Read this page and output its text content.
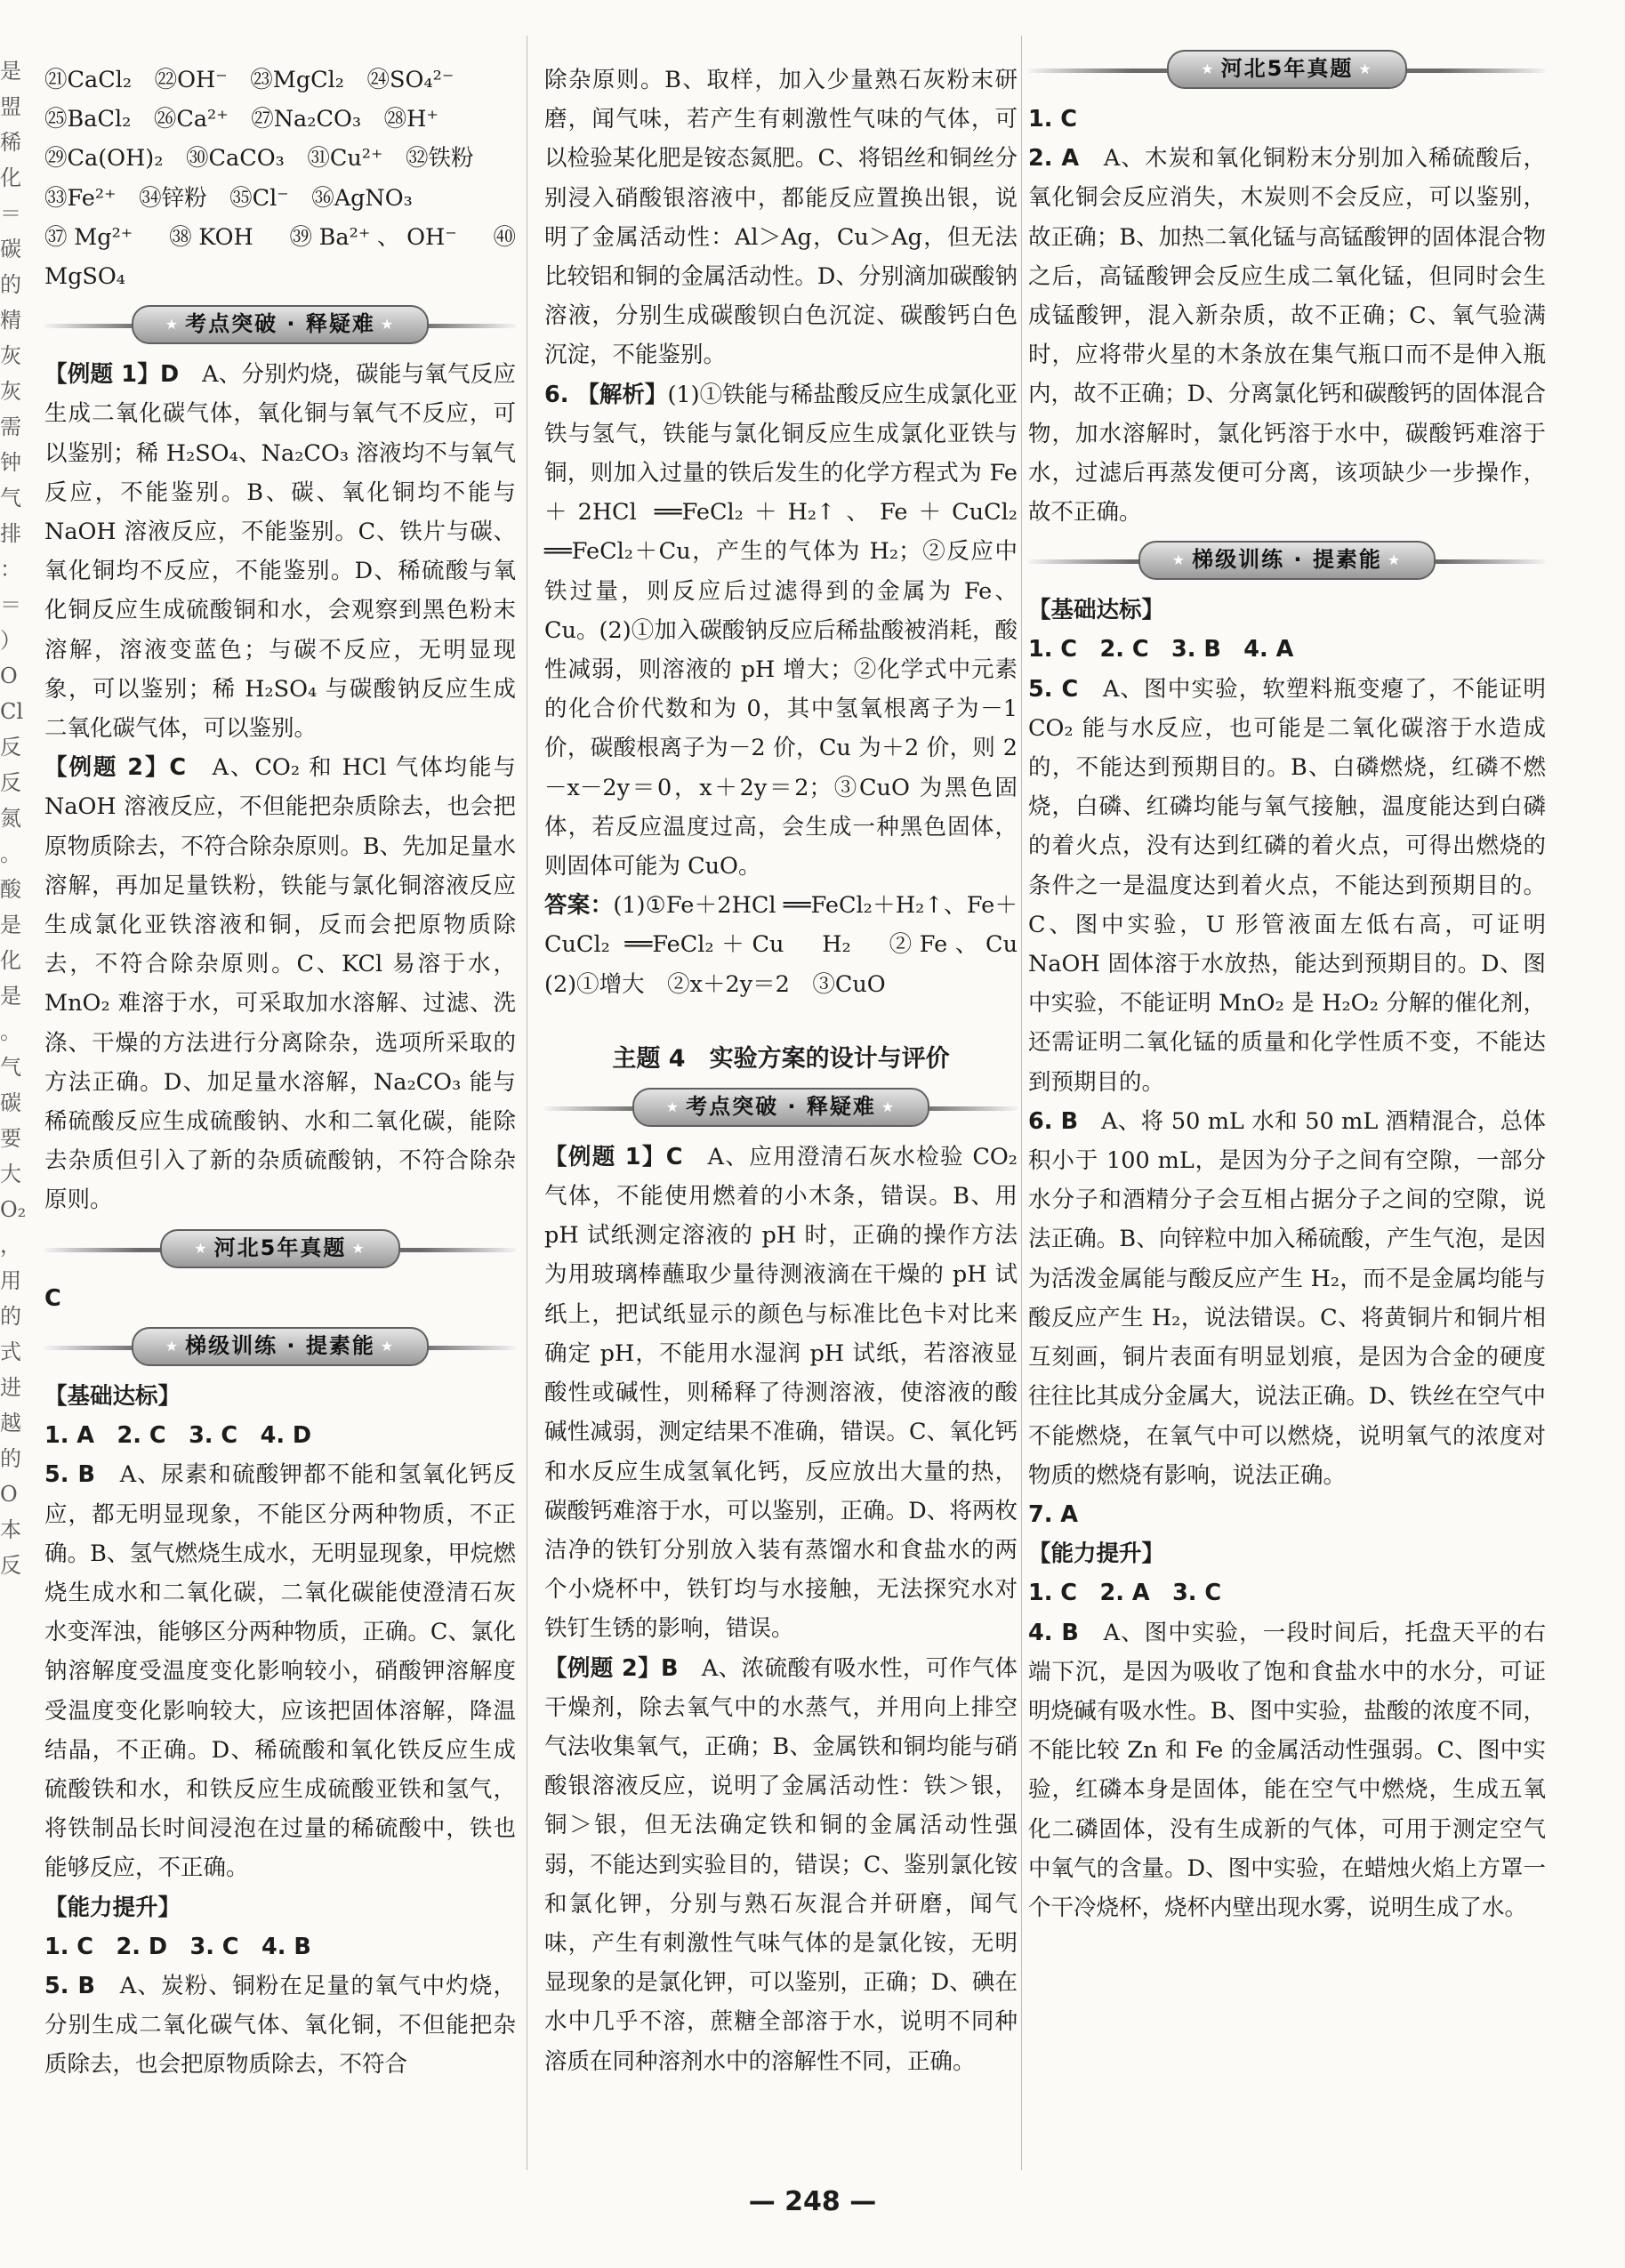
是
盟
稀
化
＝
碳
的
精
灰
灰
需
钟
气
排
：
＝
）
O
Cl
反
反
氮
。
酸
是
化
是
。
气
碳
要
大
O₂
，
用
的
式
进
越
的
O
本
反

㉑CaCl₂　㉒OH⁻　㉓MgCl₂　㉔SO₄²⁻

㉕BaCl₂　㉖Ca²⁺　㉗Na₂CO₃　㉘H⁺

㉙Ca(OH)₂　㉚CaCO₃　㉛Cu²⁺　㉜铁粉

㉝Fe²⁺　㉞锌粉　㉟Cl⁻　㊱AgNO₃

㊲Mg²⁺　㊳KOH　㊴Ba²⁺、OH⁻　㊵MgSO₄

★ 考点突破 · 释疑难 ★

【例题 1】D　 A、分别灼烧，碳能与氧气反应生成二氧化碳气体，氧化铜与氧气不反应，可以鉴别；稀 H₂SO₄、Na₂CO₃ 溶液均不与氧气反应，不能鉴别。B、碳、氧化铜均不能与 NaOH 溶液反应，不能鉴别。C、铁片与碳、氧化铜均不反应，不能鉴别。D、稀硫酸与氧化铜反应生成硫酸铜和水，会观察到黑色粉末溶解，溶液变蓝色；与碳不反应，无明显现象，可以鉴别；稀 H₂SO₄ 与碳酸钠反应生成二氧化碳气体，可以鉴别。

【例题 2】C　 A、CO₂ 和 HCl 气体均能与 NaOH 溶液反应，不但能把杂质除去，也会把原物质除去，不符合除杂原则。B、先加足量水溶解，再加足量铁粉，铁能与氯化铜溶液反应生成氯化亚铁溶液和铜，反而会把原物质除去，不符合除杂原则。C、KCl 易溶于水，MnO₂ 难溶于水，可采取加水溶解、过滤、洗涤、干燥的方法进行分离除杂，选项所采取的方法正确。D、加足量水溶解，Na₂CO₃ 能与稀硫酸反应生成硫酸钠、水和二氧化碳，能除去杂质但引入了新的杂质硫酸钠，不符合除杂原则。

★ 河北5年真题 ★

C

★ 梯级训练 · 提素能 ★

【基础达标】

1. A　2. C　3. C　4. D

5. B　 A、尿素和硫酸钾都不能和氢氧化钙反应，都无明显现象，不能区分两种物质，不正确。B、氢气燃烧生成水，无明显现象，甲烷燃烧生成水和二氧化碳，二氧化碳能使澄清石灰水变浑浊，能够区分两种物质，正确。C、氯化钠溶解度受温度变化影响较小，硝酸钾溶解度受温度变化影响较大，应该把固体溶解，降温结晶，不正确。D、稀硫酸和氧化铁反应生成硫酸铁和水，和铁反应生成硫酸亚铁和氢气，将铁制品长时间浸泡在过量的稀硫酸中，铁也能够反应，不正确。

【能力提升】

1. C　2. D　3. C　4. B

5. B　 A、炭粉、铜粉在足量的氧气中灼烧，分别生成二氧化碳气体、氧化铜，不但能把杂质除去，也会把原物质除去，不符合

除杂原则。B、取样，加入少量熟石灰粉末研磨，闻气味，若产生有刺激性气味的气体，可以检验某化肥是铵态氮肥。C、将铝丝和铜丝分别浸入硝酸银溶液中，都能反应置换出银，说明了金属活动性：Al＞Ag，Cu＞Ag，但无法比较铝和铜的金属活动性。D、分别滴加碳酸钠溶液，分别生成碳酸钡白色沉淀、碳酸钙白色沉淀，不能鉴别。

6. 【解析】(1)①铁能与稀盐酸反应生成氯化亚铁与氢气，铁能与氯化铜反应生成氯化亚铁与铜，则加入过量的铁后发生的化学方程式为 Fe＋2HCl ══FeCl₂＋H₂↑、Fe＋CuCl₂ ══FeCl₂＋Cu，产生的气体为 H₂；②反应中铁过量，则反应后过滤得到的金属为 Fe、Cu。(2)①加入碳酸钠反应后稀盐酸被消耗，酸性减弱，则溶液的 pH 增大；②化学式中元素的化合价代数和为 0，其中氢氧根离子为－1 价，碳酸根离子为－2 价，Cu 为＋2 价，则 2－x－2y＝0，x＋2y＝2；③CuO 为黑色固体，若反应温度过高，会生成一种黑色固体，则固体可能为 CuO。

答案：(1)①Fe＋2HCl ══FeCl₂＋H₂↑、Fe＋CuCl₂ ══FeCl₂＋Cu　H₂　②Fe、Cu　(2)①增大　②x＋2y＝2　③CuO

主题 4　实验方案的设计与评价

★ 考点突破 · 释疑难 ★

【例题 1】C　 A、应用澄清石灰水检验 CO₂ 气体，不能使用燃着的小木条，错误。B、用pH 试纸测定溶液的 pH 时，正确的操作方法为用玻璃棒蘸取少量待测液滴在干燥的 pH 试纸上，把试纸显示的颜色与标准比色卡对比来确定 pH，不能用水湿润 pH 试纸，若溶液显酸性或碱性，则稀释了待测溶液，使溶液的酸碱性减弱，测定结果不准确，错误。C、氧化钙和水反应生成氢氧化钙，反应放出大量的热，碳酸钙难溶于水，可以鉴别，正确。D、将两枚洁净的铁钉分别放入装有蒸馏水和食盐水的两个小烧杯中，铁钉均与水接触，无法探究水对铁钉生锈的影响，错误。

【例题 2】B　 A、浓硫酸有吸水性，可作气体干燥剂，除去氧气中的水蒸气，并用向上排空气法收集氧气，正确；B、金属铁和铜均能与硝酸银溶液反应，说明了金属活动性：铁＞银，铜＞银，但无法确定铁和铜的金属活动性强弱，不能达到实验目的，错误；C、鉴别氯化铵和氯化钾，分别与熟石灰混合并研磨，闻气味，产生有刺激性气味气体的是氯化铵，无明显现象的是氯化钾，可以鉴别，正确；D、碘在水中几乎不溶，蔗糖全部溶于水，说明不同种溶质在同种溶剂水中的溶解性不同，正确。

★ 河北5年真题 ★

1. C

2. A　 A、木炭和氧化铜粉末分别加入稀硫酸后，氧化铜会反应消失，木炭则不会反应，可以鉴别，故正确；B、加热二氧化锰与高锰酸钾的固体混合物之后，高锰酸钾会反应生成二氧化锰，但同时会生成锰酸钾，混入新杂质，故不正确；C、氧气验满时，应将带火星的木条放在集气瓶口而不是伸入瓶内，故不正确；D、分离氯化钙和碳酸钙的固体混合物，加水溶解时，氯化钙溶于水中，碳酸钙难溶于水，过滤后再蒸发便可分离，该项缺少一步操作，故不正确。

★ 梯级训练 · 提素能 ★

【基础达标】

1. C　2. C　3. B　4. A

5. C　 A、图中实验，软塑料瓶变瘪了，不能证明 CO₂ 能与水反应，也可能是二氧化碳溶于水造成的，不能达到预期目的。B、白磷燃烧，红磷不燃烧，白磷、红磷均能与氧气接触，温度能达到白磷的着火点，没有达到红磷的着火点，可得出燃烧的条件之一是温度达到着火点，不能达到预期目的。C、图中实验，U 形管液面左低右高，可证明 NaOH 固体溶于水放热，能达到预期目的。D、图中实验，不能证明 MnO₂ 是 H₂O₂ 分解的催化剂，还需证明二氧化锰的质量和化学性质不变，不能达到预期目的。

6. B　 A、将 50 mL 水和 50 mL 酒精混合，总体积小于 100 mL，是因为分子之间有空隙，一部分水分子和酒精分子会互相占据分子之间的空隙，说法正确。B、向锌粒中加入稀硫酸，产生气泡，是因为活泼金属能与酸反应产生 H₂，而不是金属均能与酸反应产生 H₂，说法错误。C、将黄铜片和铜片相互刻画，铜片表面有明显划痕，是因为合金的硬度往往比其成分金属大，说法正确。D、铁丝在空气中不能燃烧，在氧气中可以燃烧，说明氧气的浓度对物质的燃烧有影响，说法正确。

7. A

【能力提升】

1. C　2. A　3. C

4. B　 A、图中实验，一段时间后，托盘天平的右端下沉，是因为吸收了饱和食盐水中的水分，可证明烧碱有吸水性。B、图中实验，盐酸的浓度不同，不能比较 Zn 和 Fe 的金属活动性强弱。C、图中实验，红磷本身是固体，能在空气中燃烧，生成五氧化二磷固体，没有生成新的气体，可用于测定空气中氧气的含量。D、图中实验，在蜡烛火焰上方罩一个干冷烧杯，烧杯内壁出现水雾，说明生成了水。

— 248 —
